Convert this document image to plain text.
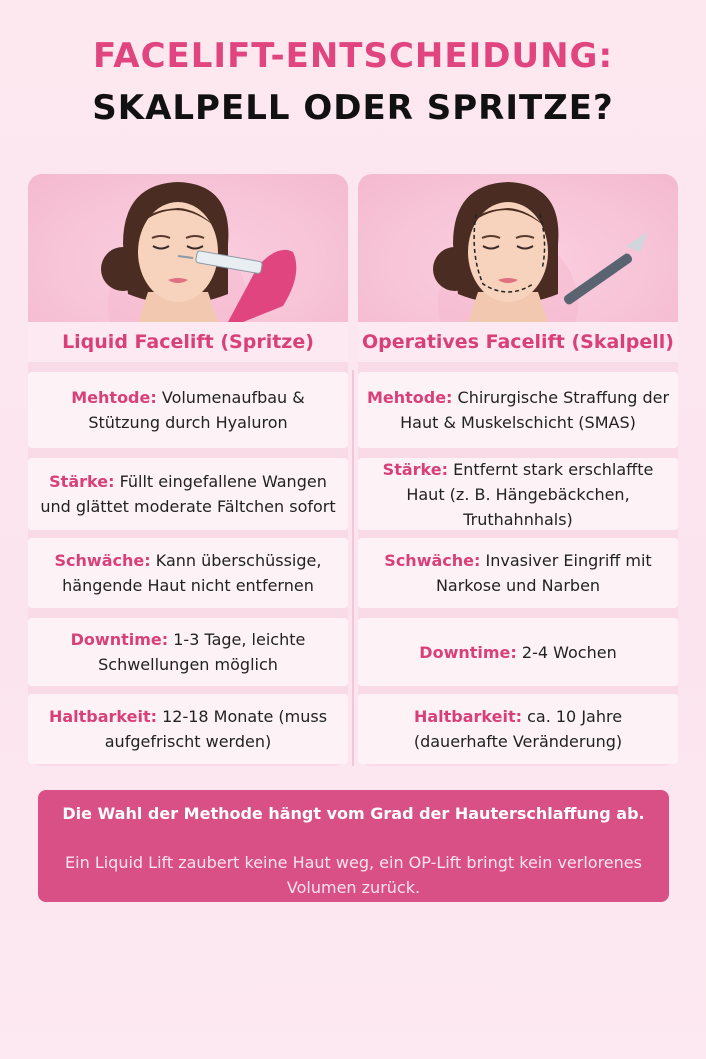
FACELIFT-ENTSCHEIDUNG:
SKALPELL ODER SPRITZE?
Liquid Facelift (Spritze)
Mehtode: Volumenaufbau & Stützung durch Hyaluron
Stärke: Füllt eingefallene Wangen und glättet moderate Fältchen sofort
Schwäche: Kann überschüssige, hängende Haut nicht entfernen
Downtime: 1-3 Tage, leichte Schwellungen möglich
Haltbarkeit: 12-18 Monate (muss aufgefrischt werden)
Operatives Facelift (Skalpell)
Mehtode: Chirurgische Straffung der Haut & Muskelschicht (SMAS)
Stärke: Entfernt stark erschlaffte Haut (z. B. Hängebäckchen, Truthahnhals)
Schwäche: Invasiver Eingriff mit Narkose und Narben
Downtime: 2-4 Wochen
Haltbarkeit: ca. 10 Jahre (dauerhafte Veränderung)
Die Wahl der Methode hängt vom Grad der Hauterschlaffung ab.
Ein Liquid Lift zaubert keine Haut weg, ein OP-Lift bringt kein verlorenes Volumen zurück.
